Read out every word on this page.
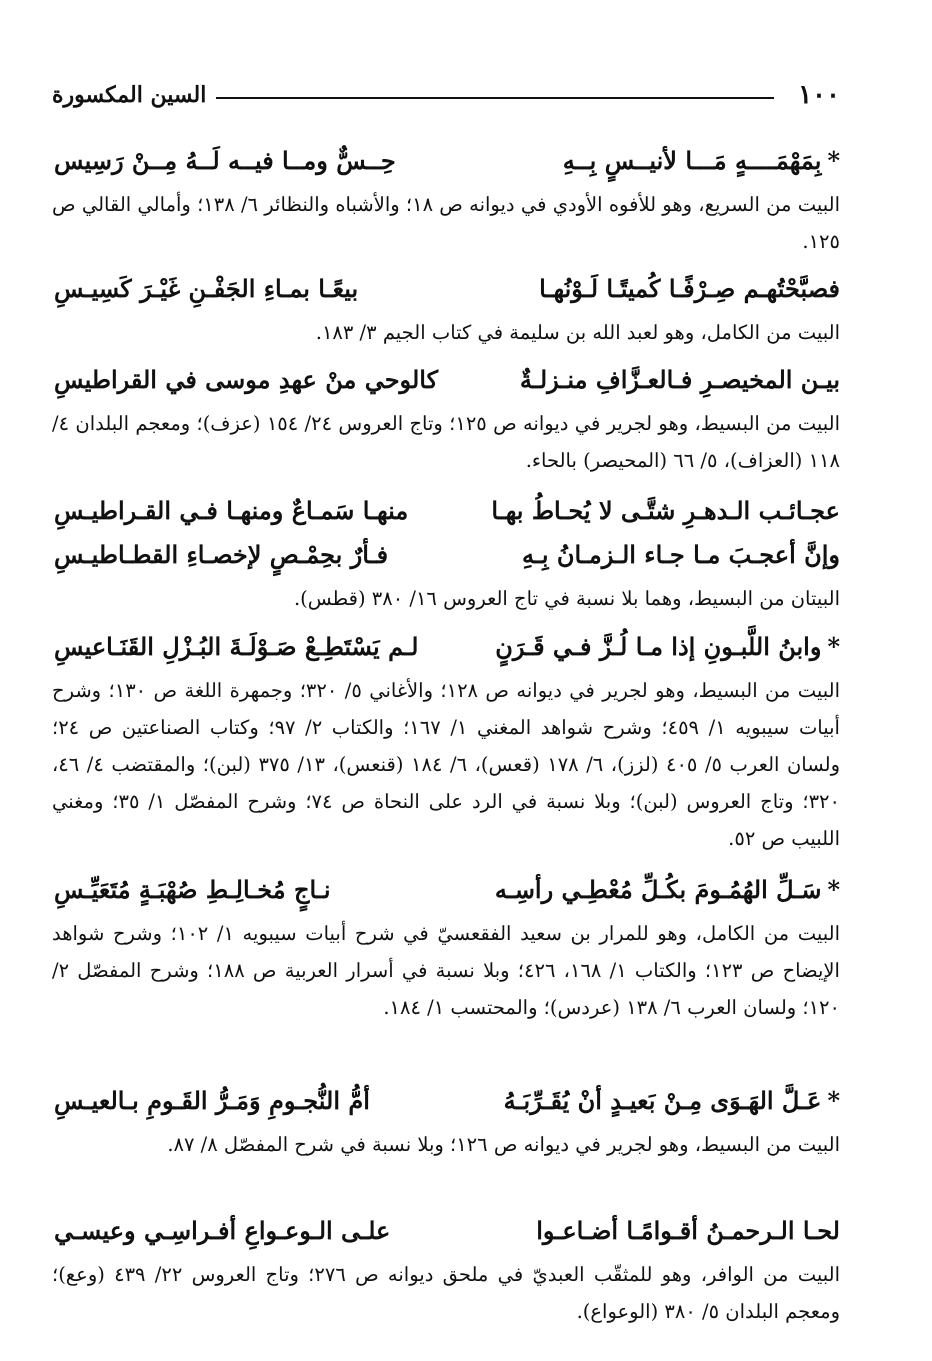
١٠٠
السين المكسورة
*بِمَهْمَــــهٍ مَـــا لأنيــسٍ بِــهِ
حِــسٌّ ومــا فيــه لَــهُ مِــنْ رَسِيس
البيت من السريع، وهو للأفوه الأودي في ديوانه ص ١٨؛ والأشباه والنظائر ٦/ ١٣٨؛ وأمالي القالي ص ١٢٥.
فصبَّحْتُهـم صِـرْفًـا كُميتًـا لَـوْنُهـا
بيعًـا بمـاءِ الجَفْـنِ غَيْـرَ كَسِيـسِ
البيت من الكامل، وهو لعبد الله بن سليمة في كتاب الجيم ٣/ ١٨٣.
بيـن المخيصـرِ فـالعـزَّافِ منـزلـةٌ
كالوحي منْ عهدِ موسى في القراطيسِ
البيت من البسيط، وهو لجرير في ديوانه ص ١٢٥؛ وتاج العروس ٢٤/ ١٥٤ (عزف)؛ ومعجم البلدان ٤/ ١١٨ (العزاف)، ٥/ ٦٦ (المحيصر) بالحاء.
عجـائـب الـدهـرِ شتَّـى لا يُحـاطُ بهـا
منهـا سَمـاعٌ ومنهـا فـي القـراطيـسِ
وإنَّ أعجـبَ مـا جـاء الـزمـانُ بِـهِ
فـأرٌ بحِمْـصٍ لإخصـاءِ القطـاطيـسِ
البيتان من البسيط، وهما بلا نسبة في تاج العروس ١٦/ ٣٨٠ (قطس).
*وابنُ اللَّبـونِ إذا مـا لُـزَّ فـي قَـرَنٍ
لـم يَسْتَطِـعْ صَـوْلَـةَ البُـزْلِ القَنَـاعيسِ
البيت من البسيط، وهو لجرير في ديوانه ص ١٢٨؛ والأغاني ٥/ ٣٢٠؛ وجمهرة اللغة ص ١٣٠؛ وشرح أبيات سيبويه ١/ ٤٥٩؛ وشرح شواهد المغني ١/ ١٦٧؛ والكتاب ٢/ ٩٧؛ وكتاب الصناعتين ص ٢٤؛ ولسان العرب ٥/ ٤٠٥ (لزز)، ٦/ ١٧٨ (قعس)، ٦/ ١٨٤ (قنعس)، ١٣/ ٣٧٥ (لبن)؛ والمقتضب ٤/ ٤٦، ٣٢٠؛ وتاج العروس (لبن)؛ وبلا نسبة في الرد على النحاة ص ٧٤؛ وشرح المفصّل ١/ ٣٥؛ ومغني اللبيب ص ٥٢.
*سَـلِّ الهُمُـومَ بكُـلِّ مُعْطِـي رأسِـه
نـاجٍ مُخـالِـطِ صُهْبَـةٍ مُتَعَيِّـسِ
البيت من الكامل، وهو للمرار بن سعيد الفقعسيّ في شرح أبيات سيبويه ١/ ١٠٢؛ وشرح شواهد الإيضاح ص ١٢٣؛ والكتاب ١/ ١٦٨، ٤٢٦؛ وبلا نسبة في أسرار العربية ص ١٨٨؛ وشرح المفصّل ٢/ ١٢٠؛ ولسان العرب ٦/ ١٣٨ (عردس)؛ والمحتسب ١/ ١٨٤.
*عَـلَّ الهَـوَى مِـنْ بَعيـدٍ أنْ يُقَـرِّبَـهُ
أمُّ النُّجـومِ وَمَـرُّ القَـومِ بـالعيـسِ
البيت من البسيط، وهو لجرير في ديوانه ص ١٢٦؛ وبلا نسبة في شرح المفصّل ٨/ ٨٧.
لحـا الـرحمـنُ أقـوامًـا أضـاعـوا
علـى الـوعـواعِ أفـراسِـي وعيسـي
البيت من الوافر، وهو للمثقّب العبديّ في ملحق ديوانه ص ٢٧٦؛ وتاج العروس ٢٢/ ٤٣٩ (وعع)؛ ومعجم البلدان ٥/ ٣٨٠ (الوعواع).
